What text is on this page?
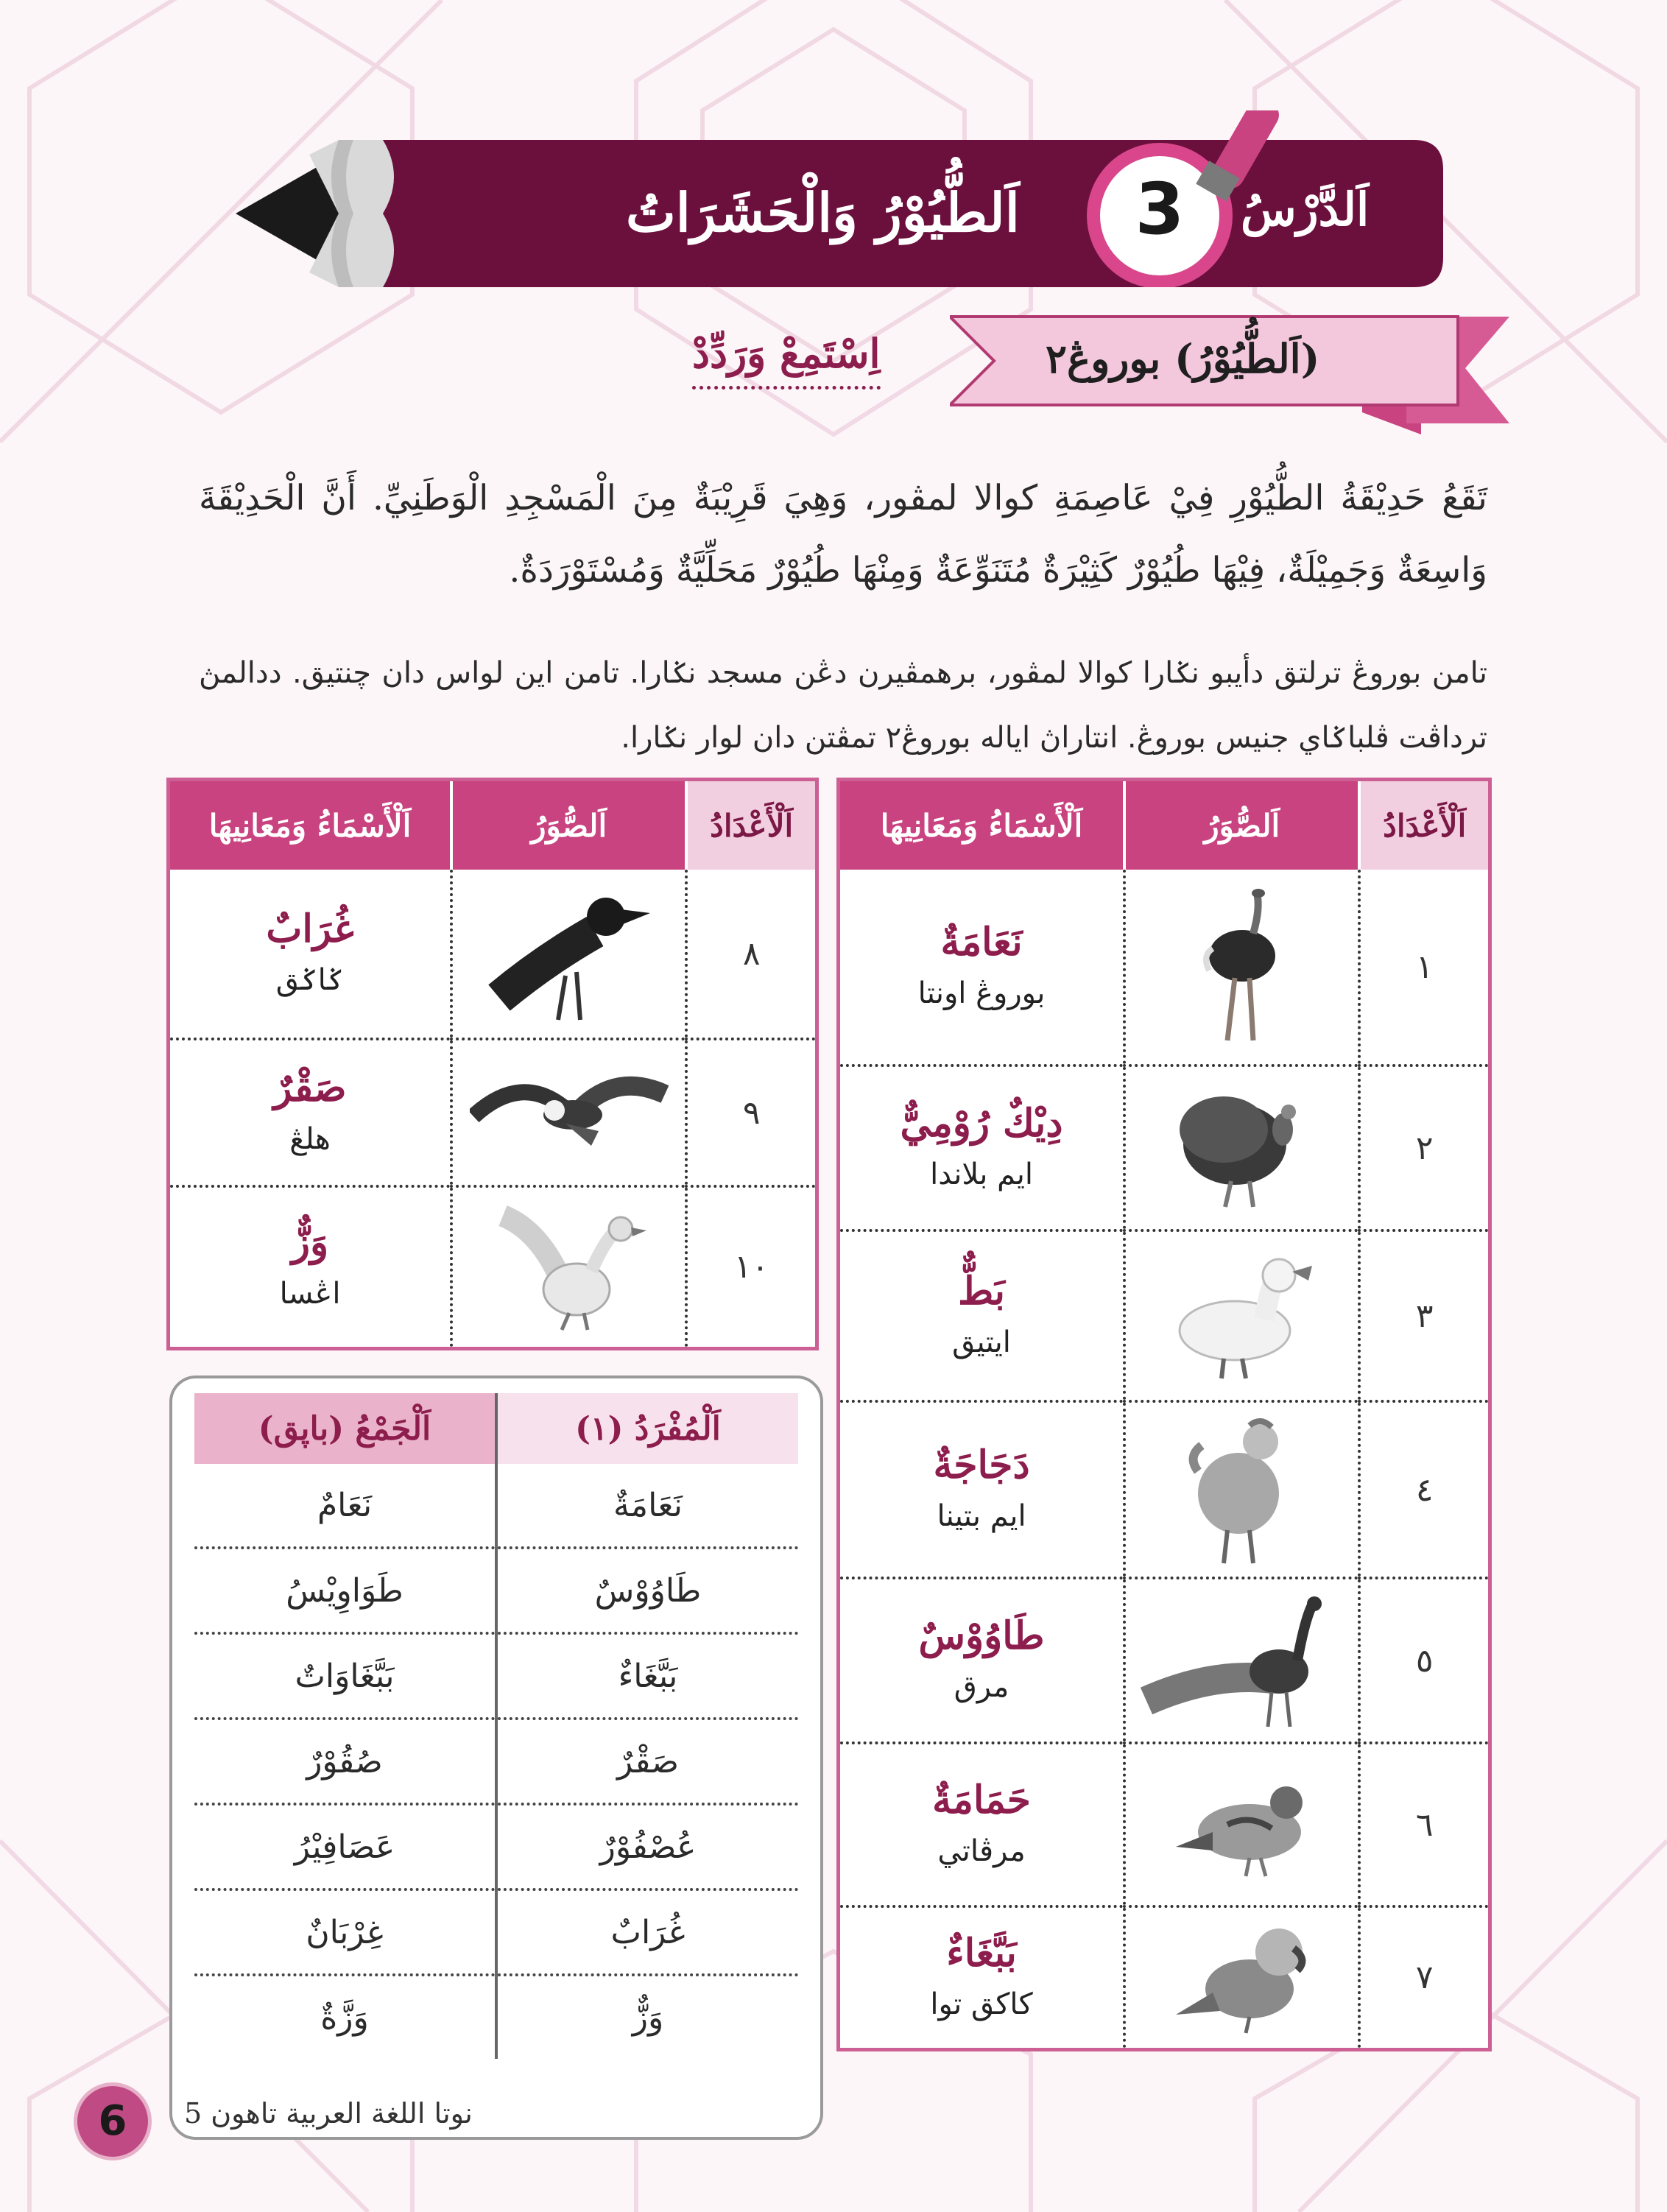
اَلدَّرْسُ
3
اَلطُّيُوْرُ وَالْحَشَرَاتُ
(اَلطُّيُوْرُ) بوروڠ٢
اِسْتَمِعْ وَرَدِّدْ
تَقَعُ حَدِيْقَةُ الطُّيُوْرِ فِيْ عَاصِمَةِ كوالا لمڤور، وَهِيَ قَرِيْبَةٌ مِنَ الْمَسْجِدِ الْوَطَنِيِّ. أَنَّ الْحَدِيْقَةَ وَاسِعَةٌ وَجَمِيْلَةٌ، فِيْهَا طُيُوْرٌ كَثِيْرَةٌ مُتَنَوِّعَةٌ وَمِنْهَا طُيُوْرٌ مَحَلِّيَّةٌ وَمُسْتَوْرَدَةٌ.
تامن بوروڠ ترلتق دأيبو نݢارا كوالا لمڤور، برهمڤيرن دڠن مسجد نݢارا. تامن اين لواس دان چنتيق. ددالمڽ ترداڤت ڤلباݢاي جنيس بوروڠ. انتاراڽ اياله بوروڠ٢ تمڤتن دان لوار نݢارا.
اَلْأَعْدَادُ	اَلصُّوَرُ	اَلْأَسْمَاءُ وَمَعَانِيهَا
١		نَعَامَةٌ
بوروڠ اونتا

٢		دِيْكٌ رُوْمِيٌّ
ايم بلاندا

٣		بَطٌّ
ايتيق

٤		دَجَاجَةٌ
ايم بتينا

٥		طَاوُوْسٌ
مرق

٦		حَمَامَةٌ
مرڤاتي

٧		بَبَّغَاءٌ
كاكق توا
اَلْأَعْدَادُ	اَلصُّوَرُ	اَلْأَسْمَاءُ وَمَعَانِيهَا
٨		غُرَابٌ
ݢاݢق

٩		صَقْرٌ
هلڠ

١٠		وَزٌّ
اڠسا
اَلْمُفْرَدُ (١)	اَلْجَمْعُ (باپق)
نَعَامَةٌ	نَعَامٌ
طَاوُوْسٌ	طَوَاوِيْسُ
بَبَّغَاءٌ	بَبَّغَاوَاتٌ
صَقْرٌ	صُقُوْرٌ
عُصْفُوْرٌ	عَصَافِيْرُ
غُرَابٌ	غِرْبَانٌ
وَزٌّ	وَزَّةٌ
6	نوتا اللغة العربية تاهون 5
